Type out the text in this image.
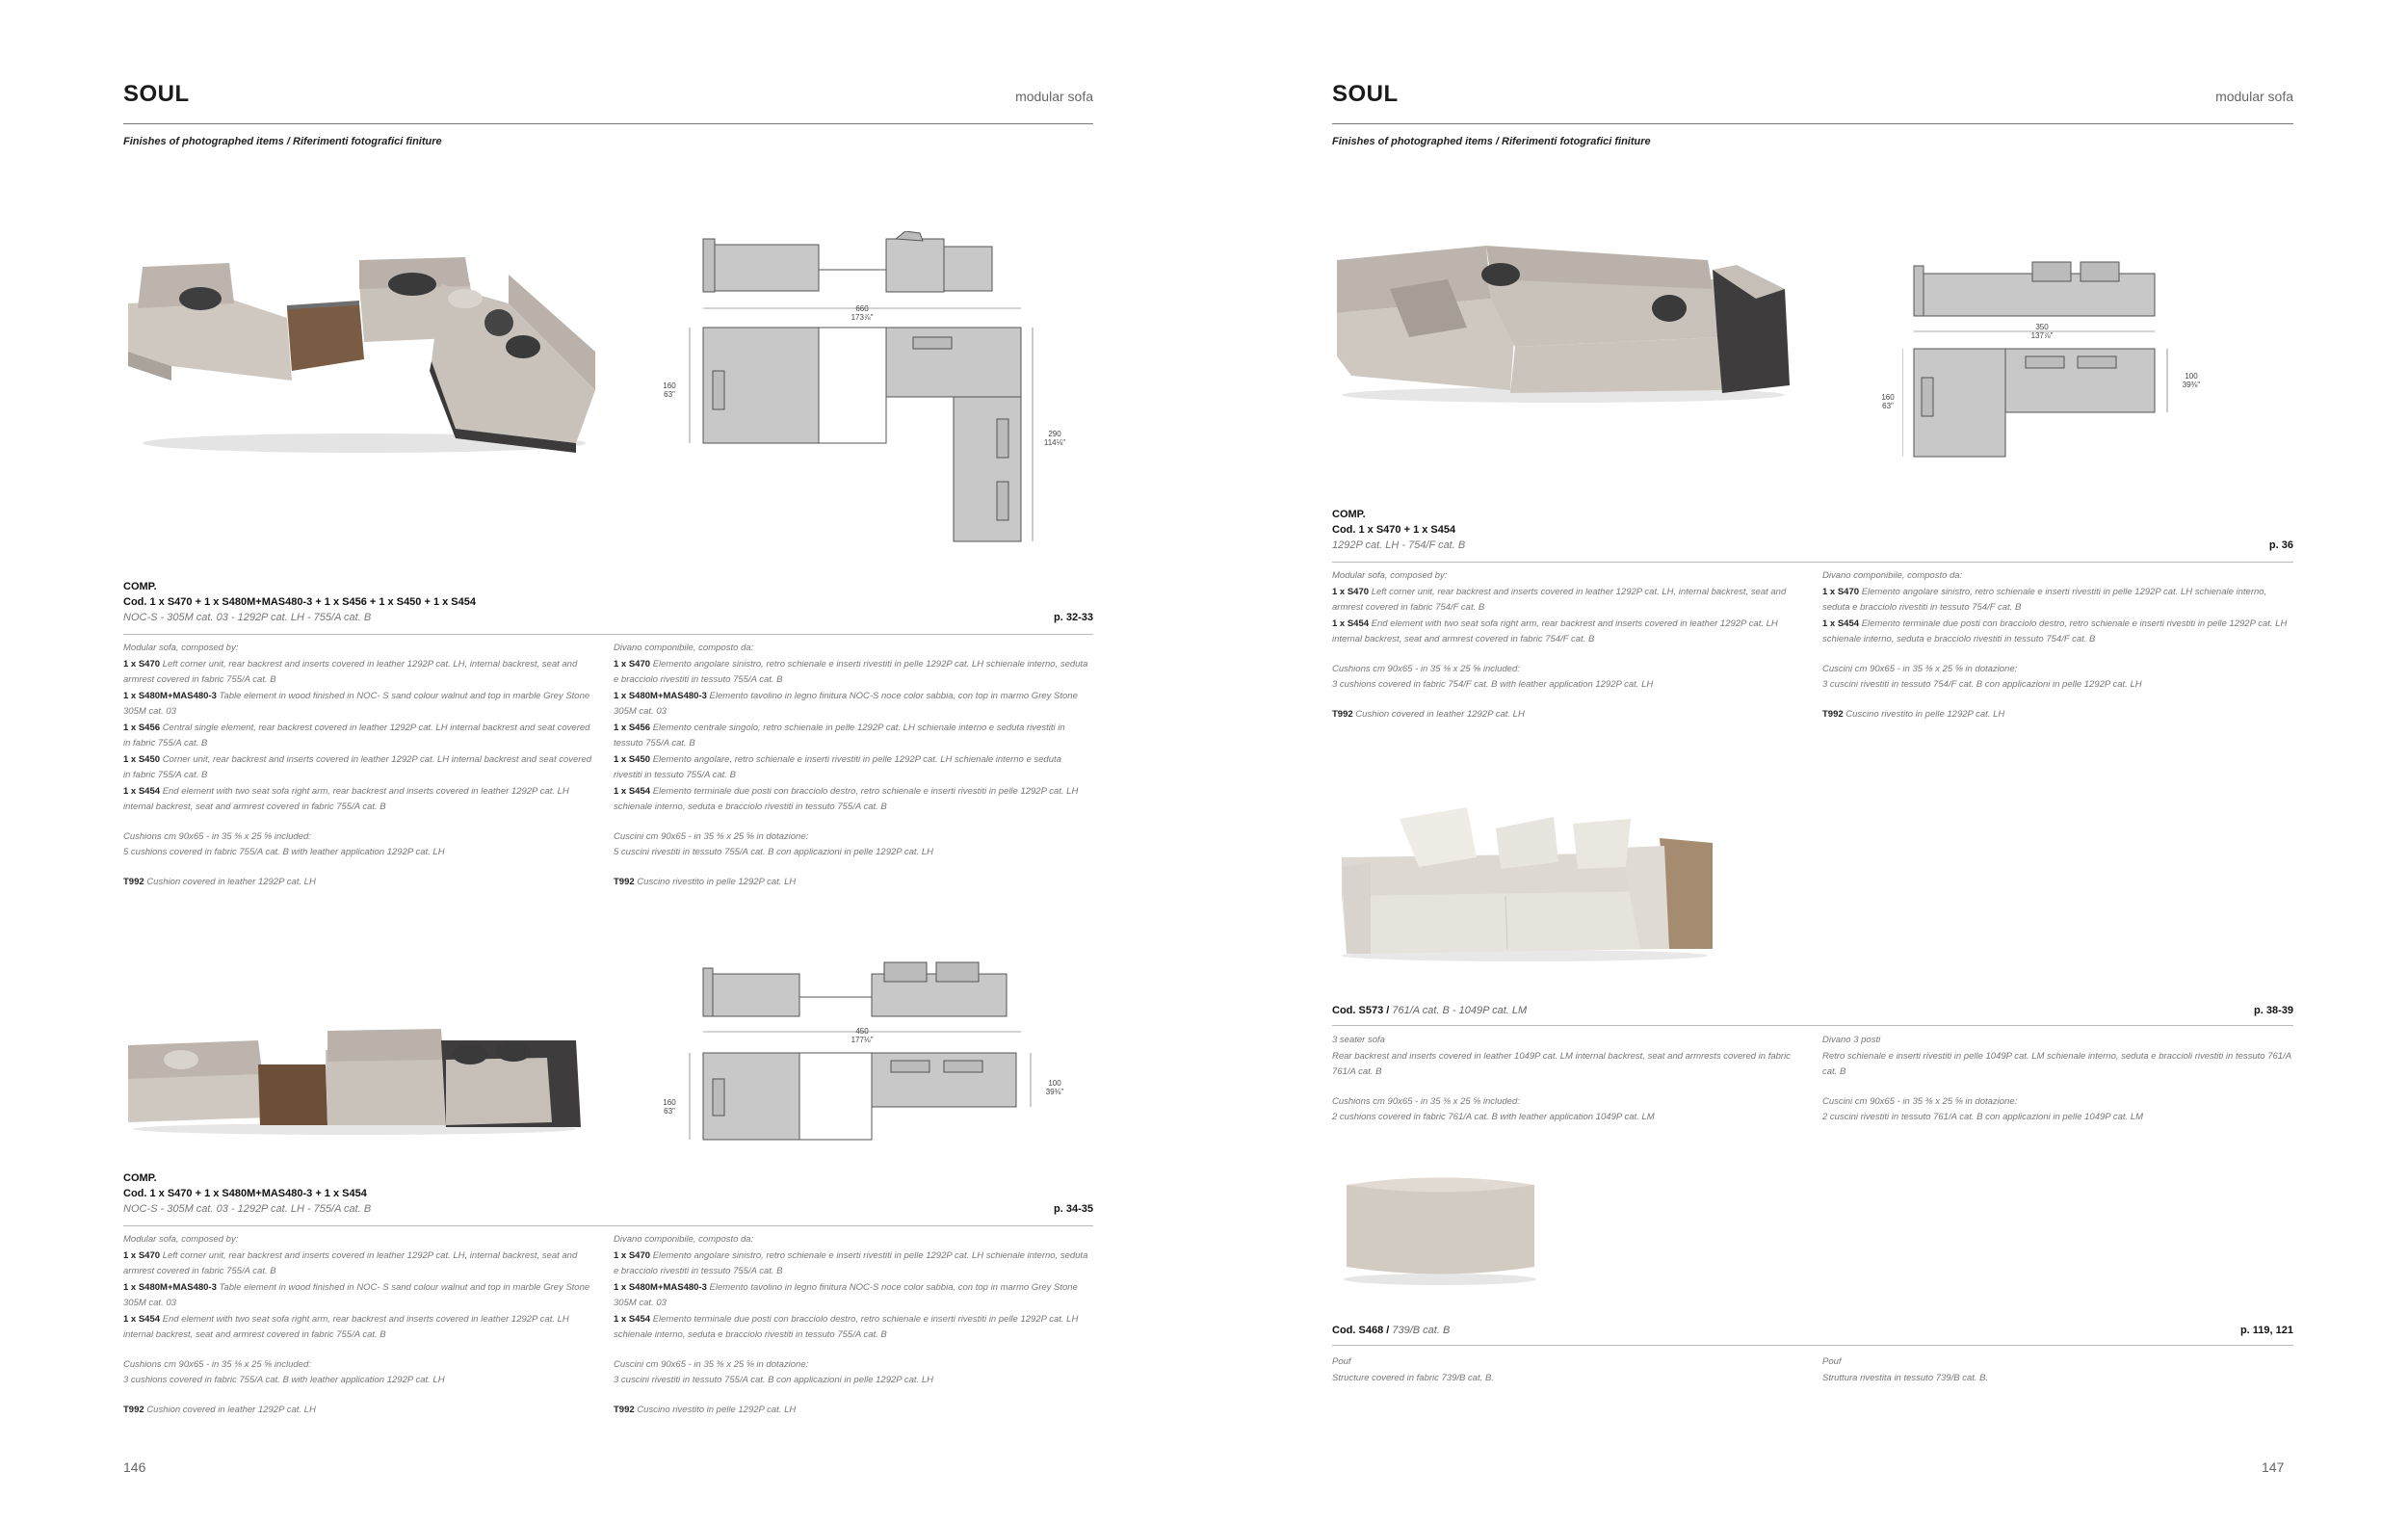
SOUL	modular sofa
Finishes of photographed items / Riferimenti fotografici finiture
660
173⅞"
160
63"
290
114⅛"
COMP.
Cod. 1 x S470 + 1 x S480M+MAS480-3 + 1 x S456 + 1 x S450 + 1 x S454
NOC-S - 305M cat. 03 - 1292P cat. LH - 755/A cat. B	p. 32-33

Modular sofa, composed by:

1 x S470 Left corner unit, rear backrest and inserts covered in leather 1292P cat. LH, internal backrest, seat and armrest covered in fabric 755/A cat. B

1 x S480M+MAS480-3 Table element in wood finished in NOC- S sand colour walnut and top in marble Grey Stone 305M cat. 03

1 x S456 Central single element, rear backrest covered in leather 1292P cat. LH internal backrest and seat covered in fabric 755/A cat. B

1 x S450 Corner unit, rear backrest and inserts covered in leather 1292P cat. LH internal backrest and seat covered in fabric 755/A cat. B

1 x S454 End element with two seat sofa right arm, rear backrest and inserts covered in leather 1292P cat. LH internal backrest, seat and armrest covered in fabric 755/A cat. B

Cushions cm 90x65 - in 35 ⅜ x 25 ⅝ included:

5 cushions covered in fabric 755/A cat. B with leather application 1292P cat. LH

T992 Cushion covered in leather 1292P cat. LH

Divano componibile, composto da:

1 x S470 Elemento angolare sinistro, retro schienale e inserti rivestiti in pelle 1292P cat. LH schienale interno, seduta e bracciolo rivestiti in tessuto 755/A cat. B

1 x S480M+MAS480-3 Elemento tavolino in legno finitura NOC-S noce color sabbia, con top in marmo Grey Stone 305M cat. 03

1 x S456 Elemento centrale singolo, retro schienale in pelle 1292P cat. LH schienale interno e seduta rivestiti in tessuto 755/A cat. B

1 x S450 Elemento angolare, retro schienale e inserti rivestiti in pelle 1292P cat. LH schienale interno e seduta rivestiti in tessuto 755/A cat. B

1 x S454 Elemento terminale due posti con bracciolo destro, retro schienale e inserti rivestiti in pelle 1292P cat. LH schienale interno, seduta e bracciolo rivestiti in tessuto 755/A cat. B

Cuscini cm 90x65 - in 35 ⅜ x 25 ⅝ in dotazione:

5 cuscini rivestiti in tessuto 755/A cat. B con applicazioni in pelle 1292P cat. LH

T992 Cuscino rivestito in pelle 1292P cat. LH

450
177⅛"
160
63"
100
39⅜"
COMP.
Cod. 1 x S470 + 1 x S480M+MAS480-3 + 1 x S454
NOC-S - 305M cat. 03 - 1292P cat. LH - 755/A cat. B	p. 34-35

Modular sofa, composed by:

1 x S470 Left corner unit, rear backrest and inserts covered in leather 1292P cat. LH, internal backrest, seat and armrest covered in fabric 755/A cat. B

1 x S480M+MAS480-3 Table element in wood finished in NOC- S sand colour walnut and top in marble Grey Stone 305M cat. 03

1 x S454 End element with two seat sofa right arm, rear backrest and inserts covered in leather 1292P cat. LH internal backrest, seat and armrest covered in fabric 755/A cat. B

Cushions cm 90x65 - in 35 ⅜ x 25 ⅝ included:

3 cushions covered in fabric 755/A cat. B with leather application 1292P cat. LH

T992 Cushion covered in leather 1292P cat. LH

Divano componibile, composto da:

1 x S470 Elemento angolare sinistro, retro schienale e inserti rivestiti in pelle 1292P cat. LH schienale interno, seduta e bracciolo rivestiti in tessuto 755/A cat. B

1 x S480M+MAS480-3 Elemento tavolino in legno finitura NOC-S noce color sabbia, con top in marmo Grey Stone 305M cat. 03

1 x S454 Elemento terminale due posti con bracciolo destro, retro schienale e inserti rivestiti in pelle 1292P cat. LH schienale interno, seduta e bracciolo rivestiti in tessuto 755/A cat. B

Cuscini cm 90x65 - in 35 ⅜ x 25 ⅝ in dotazione:

3 cuscini rivestiti in tessuto 755/A cat. B con applicazioni in pelle 1292P cat. LH

T992 Cuscino rivestito in pelle 1292P cat. LH

146
SOUL	modular sofa
Finishes of photographed items / Riferimenti fotografici finiture
350
137⅞"
160
63"
100
39⅜"
COMP.
Cod. 1 x S470 + 1 x S454
1292P cat. LH - 754/F cat. B	p. 36

Modular sofa, composed by:

1 x S470 Left corner unit, rear backrest and inserts covered in leather 1292P cat. LH, internal backrest, seat and armrest covered in fabric 754/F cat. B

1 x S454 End element with two seat sofa right arm, rear backrest and inserts covered in leather 1292P cat. LH internal backrest, seat and armrest covered in fabric 754/F cat. B

Cushions cm 90x65 - in 35 ⅜ x 25 ⅝ included:

3 cushions covered in fabric 754/F cat. B with leather application 1292P cat. LH

T992 Cushion covered in leather 1292P cat. LH

Divano componibile, composto da:

1 x S470 Elemento angolare sinistro, retro schienale e inserti rivestiti in pelle 1292P cat. LH schienale interno, seduta e bracciolo rivestiti in tessuto 754/F cat. B

1 x S454 Elemento terminale due posti con bracciolo destro, retro schienale e inserti rivestiti in pelle 1292P cat. LH schienale interno, seduta e bracciolo rivestiti in tessuto 754/F cat. B

Cuscini cm 90x65 - in 35 ⅜ x 25 ⅝ in dotazione:

3 cuscini rivestiti in tessuto 754/F cat. B con applicazioni in pelle 1292P cat. LH

T992 Cuscino rivestito in pelle 1292P cat. LH

Cod. S573 / 761/A cat. B - 1049P cat. LM	p. 38-39

3 seater sofa

Rear backrest and inserts covered in leather 1049P cat. LM internal backrest, seat and armrests covered in fabric 761/A cat. B

Cushions cm 90x65 - in 35 ⅜ x 25 ⅝ included:

2 cushions covered in fabric 761/A cat. B with leather application 1049P cat. LM

Divano 3 posti

Retro schienale e inserti rivestiti in pelle 1049P cat. LM schienale interno, seduta e braccioli rivestiti in tessuto 761/A cat. B

Cuscini cm 90x65 - in 35 ⅜ x 25 ⅝ in dotazione:

2 cuscini rivestiti in tessuto 761/A cat. B con applicazioni in pelle 1049P cat. LM

Cod. S468 / 739/B cat. B	p. 119, 121

Pouf

Structure covered in fabric 739/B cat. B.

Pouf

Struttura rivestita in tessuto 739/B cat. B.

147
